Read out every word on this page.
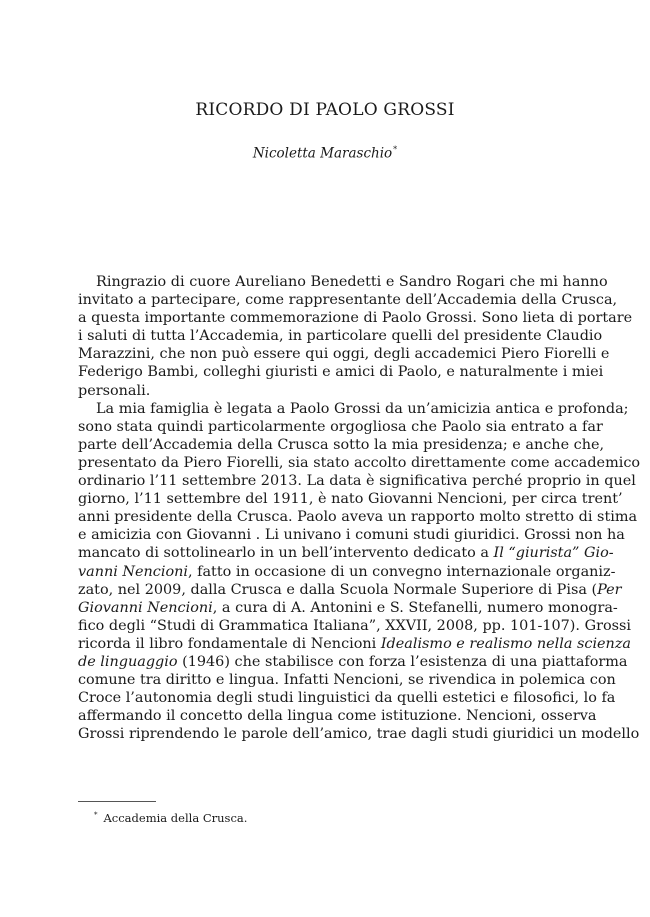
RICORDO DI PAOLO GROSSI
Nicoletta Maraschio*
Ringrazio di cuore Aureliano Benedetti e Sandro Rogari che mi hanno
invitato a partecipare, come rappresentante dell’Accademia della Crusca,
a questa importante commemorazione di Paolo Grossi. Sono lieta di portare
i saluti di tutta l’Accademia, in particolare quelli del presidente Claudio
Marazzini, che non può essere qui oggi, degli accademici Piero Fiorelli e
Federigo Bambi, colleghi giuristi e amici di Paolo, e naturalmente i miei
personali.
La mia famiglia è legata a Paolo Grossi da un’amicizia antica e profonda;
sono stata quindi particolarmente orgogliosa che Paolo sia entrato a far
parte dell’Accademia della Crusca sotto la mia presidenza; e anche che,
presentato da Piero Fiorelli, sia stato accolto direttamente come accademico
ordinario l’11 settembre 2013. La data è significativa perché proprio in quel
giorno, l’11 settembre del 1911, è nato Giovanni Nencioni, per circa trent’
anni presidente della Crusca. Paolo aveva un rapporto molto stretto di stima
e amicizia con Giovanni . Li univano i comuni studi giuridici. Grossi non ha
mancato di sottolinearlo in un bell’intervento dedicato a Il “giurista” Gio-
vanni Nencioni, fatto in occasione di un convegno internazionale organiz-
zato, nel 2009, dalla Crusca e dalla Scuola Normale Superiore di Pisa (Per
Giovanni Nencioni, a cura di A. Antonini e S. Stefanelli, numero monogra-
fico degli “Studi di Grammatica Italiana”, XXVII, 2008, pp. 101-107). Grossi
ricorda il libro fondamentale di Nencioni Idealismo e realismo nella scienza
de linguaggio (1946) che stabilisce con forza l’esistenza di una piattaforma
comune tra diritto e lingua. Infatti Nencioni, se rivendica in polemica con
Croce l’autonomia degli studi linguistici da quelli estetici e filosofici, lo fa
affermando il concetto della lingua come istituzione. Nencioni, osserva
Grossi riprendendo le parole dell’amico, trae dagli studi giuridici un modello
* Accademia della Crusca.
